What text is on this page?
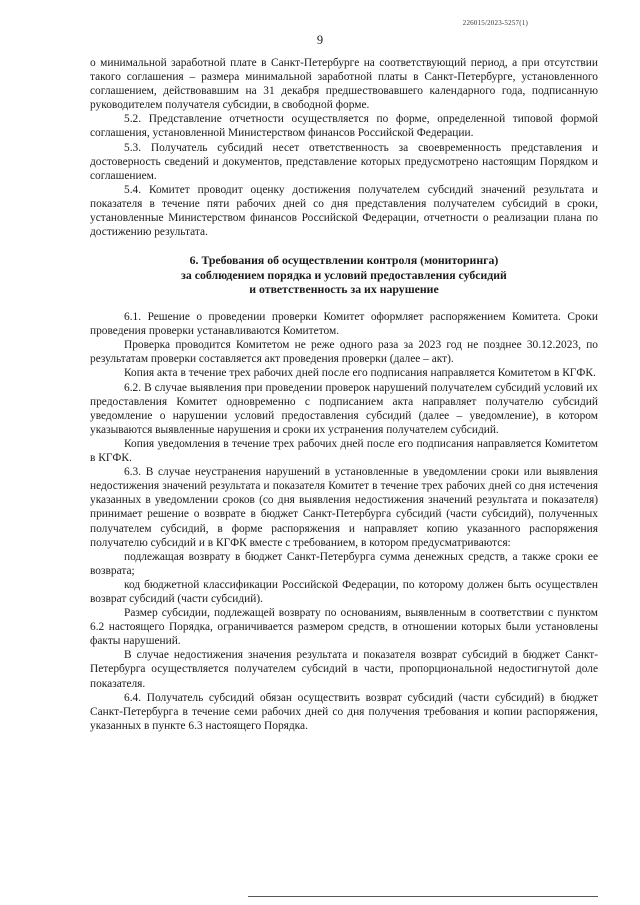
226015/2023-5257(1)
9

о минимальной заработной плате в Санкт-Петербурге на соответствующий период, а при отсутствии такого соглашения – размера минимальной заработной платы в Санкт-Петербурге, установленного соглашением, действовавшим на 31 декабря предшествовавшего календарного года, подписанную руководителем получателя субсидии, в свободной форме.

5.2. Представление отчетности осуществляется по форме, определенной типовой формой соглашения, установленной Министерством финансов Российской Федерации.

5.3. Получатель субсидий несет ответственность за своевременность представления и достоверность сведений и документов, представление которых предусмотрено настоящим Порядком и соглашением.

5.4. Комитет проводит оценку достижения получателем субсидий значений результата и показателя в течение пяти рабочих дней со дня представления получателем субсидий в сроки, установленные Министерством финансов Российской Федерации, отчетности о реализации плана по достижению результата.

6. Требования об осуществлении контроля (мониторинга)
за соблюдением порядка и условий предоставления субсидий
и ответственность за их нарушение

6.1. Решение о проведении проверки Комитет оформляет распоряжением Комитета. Сроки проведения проверки устанавливаются Комитетом.

Проверка проводится Комитетом не реже одного раза за 2023 год не позднее 30.12.2023, по результатам проверки составляется акт проведения проверки (далее – акт).

Копия акта в течение трех рабочих дней после его подписания направляется Комитетом в КГФК.

6.2. В случае выявления при проведении проверок нарушений получателем субсидий условий их предоставления Комитет одновременно с подписанием акта направляет получателю субсидий уведомление о нарушении условий предоставления субсидий (далее – уведомление), в котором указываются выявленные нарушения и сроки их устранения получателем субсидий.

Копия уведомления в течение трех рабочих дней после его подписания направляется Комитетом в КГФК.

6.3. В случае неустранения нарушений в установленные в уведомлении сроки или выявления недостижения значений результата и показателя Комитет в течение трех рабочих дней со дня истечения указанных в уведомлении сроков (со дня выявления недостижения значений результата и показателя) принимает решение о возврате в бюджет Санкт-Петербурга субсидий (части субсидий), полученных получателем субсидий, в форме распоряжения и направляет копию указанного распоряжения получателю субсидий и в КГФК вместе с требованием, в котором предусматриваются:

подлежащая возврату в бюджет Санкт-Петербурга сумма денежных средств, а также сроки ее возврата;

код бюджетной классификации Российской Федерации, по которому должен быть осуществлен возврат субсидий (части субсидий).

Размер субсидии, подлежащей возврату по основаниям, выявленным в соответствии с пунктом 6.2 настоящего Порядка, ограничивается размером средств, в отношении которых были установлены факты нарушений.

В случае недостижения значения результата и показателя возврат субсидий в бюджет Санкт-Петербурга осуществляется получателем субсидий в части, пропорциональной недостигнутой доле показателя.

6.4. Получатель субсидий обязан осуществить возврат субсидий (части субсидий) в бюджет Санкт-Петербурга в течение семи рабочих дней со дня получения требования и копии распоряжения, указанных в пункте 6.3 настоящего Порядка.
